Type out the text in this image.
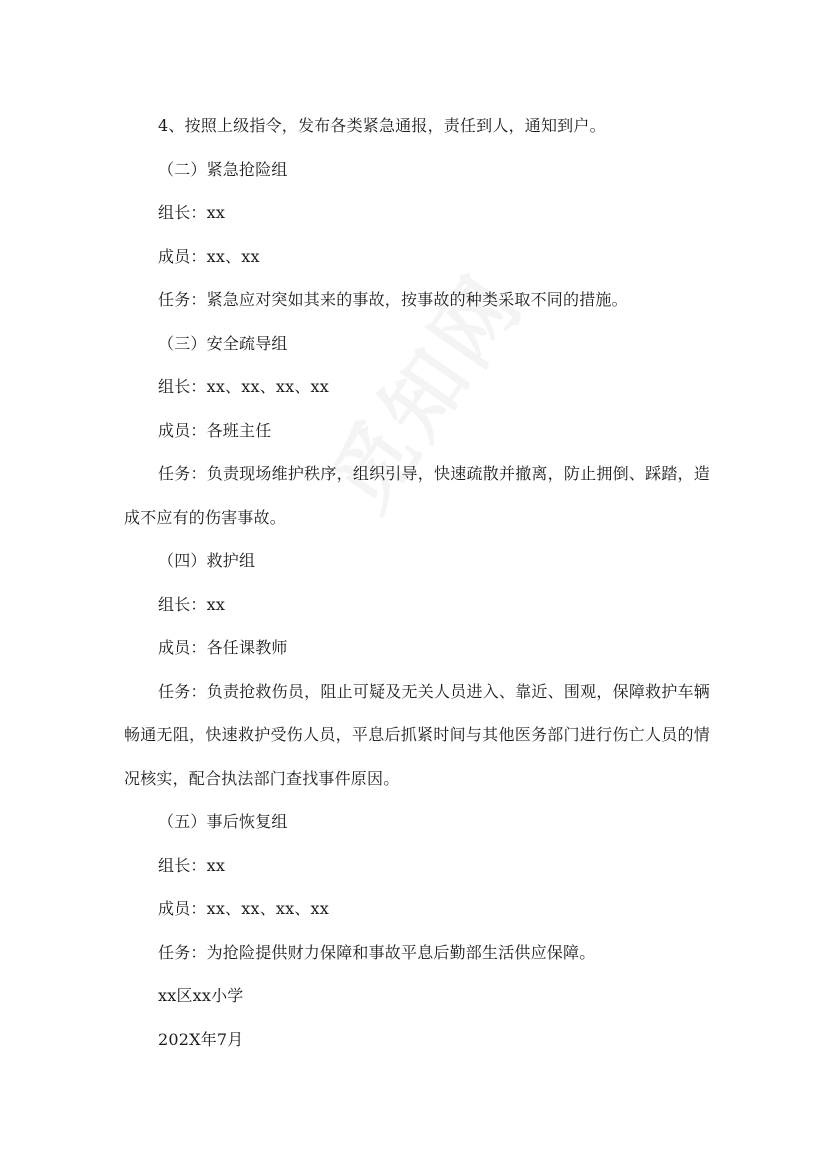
4、按照上级指令，发布各类紧急通报，责任到人，通知到户。

（二）紧急抢险组

组长：xx

成员：xx、xx

任务：紧急应对突如其来的事故，按事故的种类采取不同的措施。

（三）安全疏导组

组长：xx、xx、xx、xx

成员：各班主任

任务：负责现场维护秩序，组织引导，快速疏散并撤离，防止拥倒、踩踏，造成不应有的伤害事故。

（四）救护组

组长：xx

成员：各任课教师

任务：负责抢救伤员，阻止可疑及无关人员进入、靠近、围观，保障救护车辆畅通无阻，快速救护受伤人员，平息后抓紧时间与其他医务部门进行伤亡人员的情况核实，配合执法部门查找事件原因。

（五）事后恢复组

组长：xx

成员：xx、xx、xx、xx

任务：为抢险提供财力保障和事故平息后勤部生活供应保障。

xx区xx小学

202X年7月
